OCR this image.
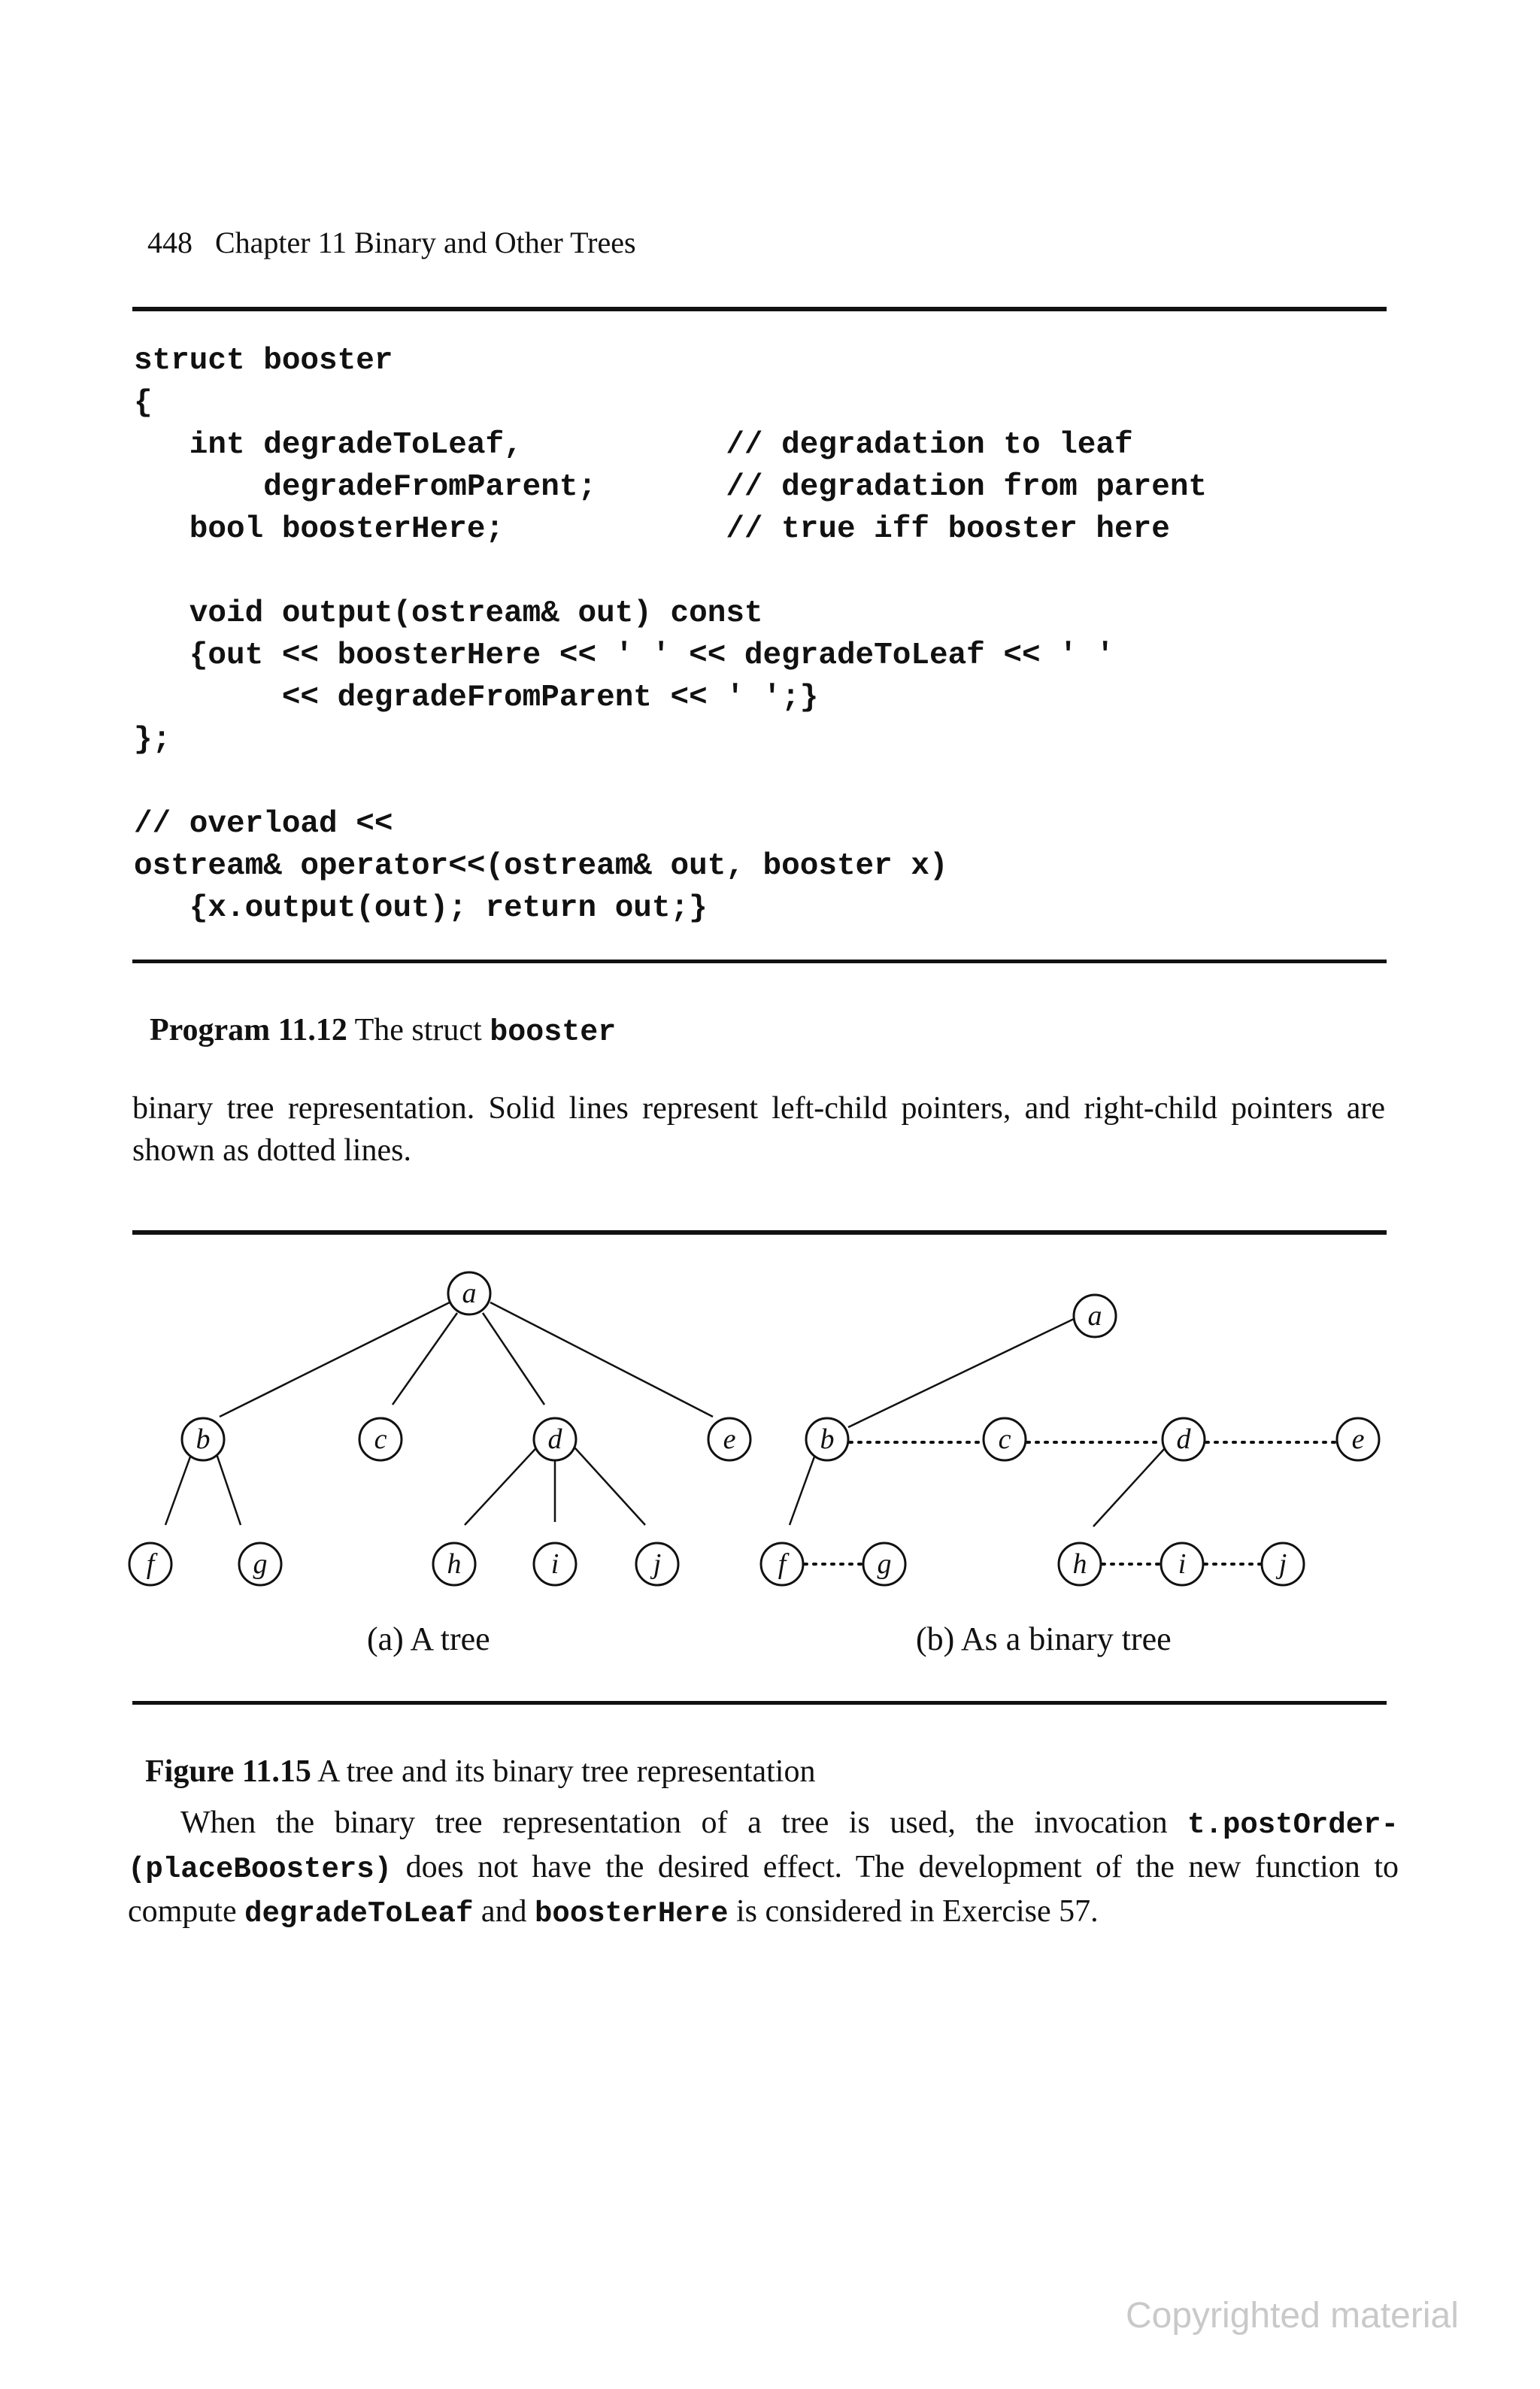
448 Chapter 11 Binary and Other Trees

struct booster
{
int degradeToLeaf,           // degradation to leaf
degradeFromParent;       // degradation from parent
bool boosterHere;            // true iff booster here

void output(ostream& out) const
{out << boosterHere << ' ' << degradeToLeaf << ' '
<< degradeFromParent << ' ';}
};

// overload <<
ostream& operator<<(ostream& out, booster x)
{x.output(out); return out;}

Program 11.12 The struct booster

binary tree representation. Solid lines represent left-child pointers, and right-child pointers are shown as dotted lines.
a
b	c	d	e
f	g	h	i	j
a
b	c	d	e
f	g	h	i	j
(a) A tree	(b) As a binary tree

Figure 11.15 A tree and its binary tree representation

When the binary tree representation of a tree is used, the invocation t.postOrder-(placeBoosters) does not have the desired effect. The development of the new function to compute degradeToLeaf and boosterHere is considered in Exercise 57.
Copyrighted material
